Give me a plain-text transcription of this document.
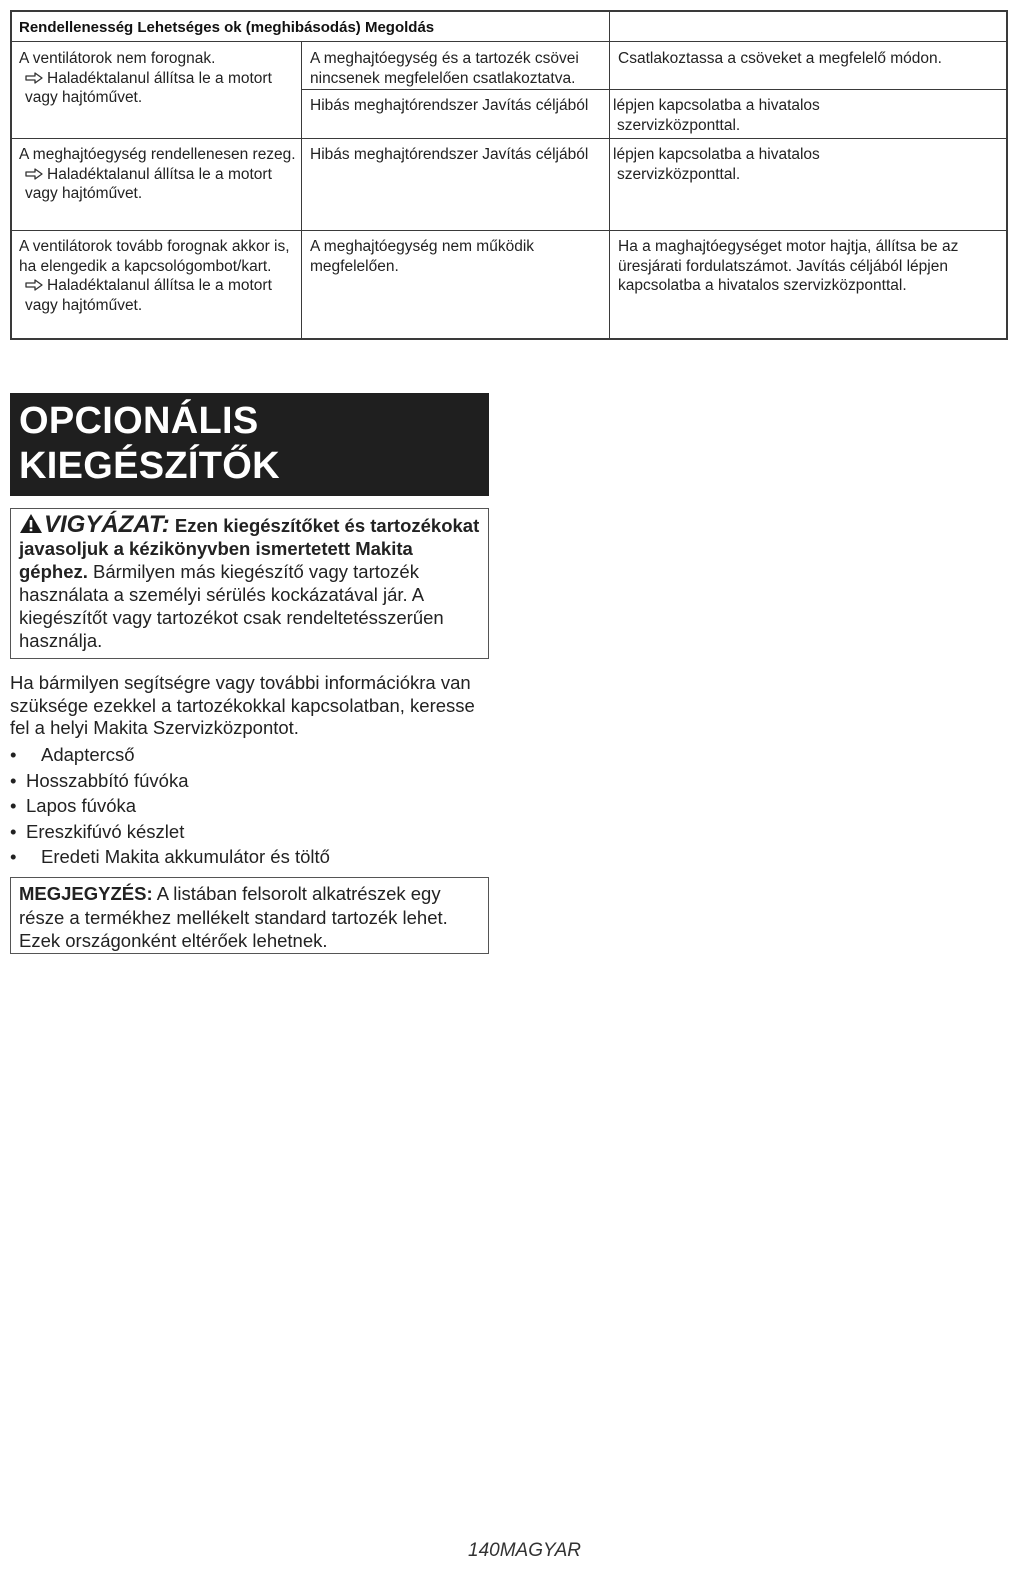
Rendellenesség Lehetséges ok (meghibásodás) Megoldás
A ventilátorok nem forognak.
Haladéktalanul állítsa le a motort vagy hajtóművet.
A meghajtóegység és a tartozék csövei nincsenek megfelelően csatlakoztatva.
Csatlakoztassa a csöveket a megfelelő módon.
Hibás meghajtórendszer Javítás céljából	lépjen kapcsolatba a hivatalos szervizközponttal.
A meghajtóegység rendellenesen rezeg.
Haladéktalanul állítsa le a motort vagy hajtóművet.
Hibás meghajtórendszer Javítás céljából	lépjen kapcsolatba a hivatalos szervizközponttal.
A ventilátorok tovább forognak akkor is, ha elengedik a kapcsológombot/kart.
Haladéktalanul állítsa le a motort vagy hajtóművet.
A meghajtóegység nem működik megfelelően.
Ha a maghajtóegységet motor hajtja, állítsa be az üresjárati fordulatszámot. Javítás céljából lépjen kapcsolatba a hivatalos szervizközponttal.
OPCIONÁLIS
KIEGÉSZÍTŐK
VIGYÁZAT: Ezen kiegészítőket és tartozékokat javasoljuk a kézikönyvben ismertetett Makita géphez. Bármilyen más kiegészítő vagy tartozék használata a személyi sérülés kockázatával jár. A kiegészítőt vagy tartozékot csak rendeltetésszerűen használja.
Ha bármilyen segítségre vagy további információkra van szüksége ezekkel a tartozékokkal kapcsolatban, keresse fel a helyi Makita Szervizközpontot.
• Adaptercső
• Hosszabbító fúvóka
• Lapos fúvóka
• Ereszkifúvó készlet
• Eredeti Makita akkumulátor és töltő
MEGJEGYZÉS: A listában felsorolt alkatrészek egy része a termékhez mellékelt standard tartozék lehet. Ezek országonként eltérőek lehetnek.
140MAGYAR
